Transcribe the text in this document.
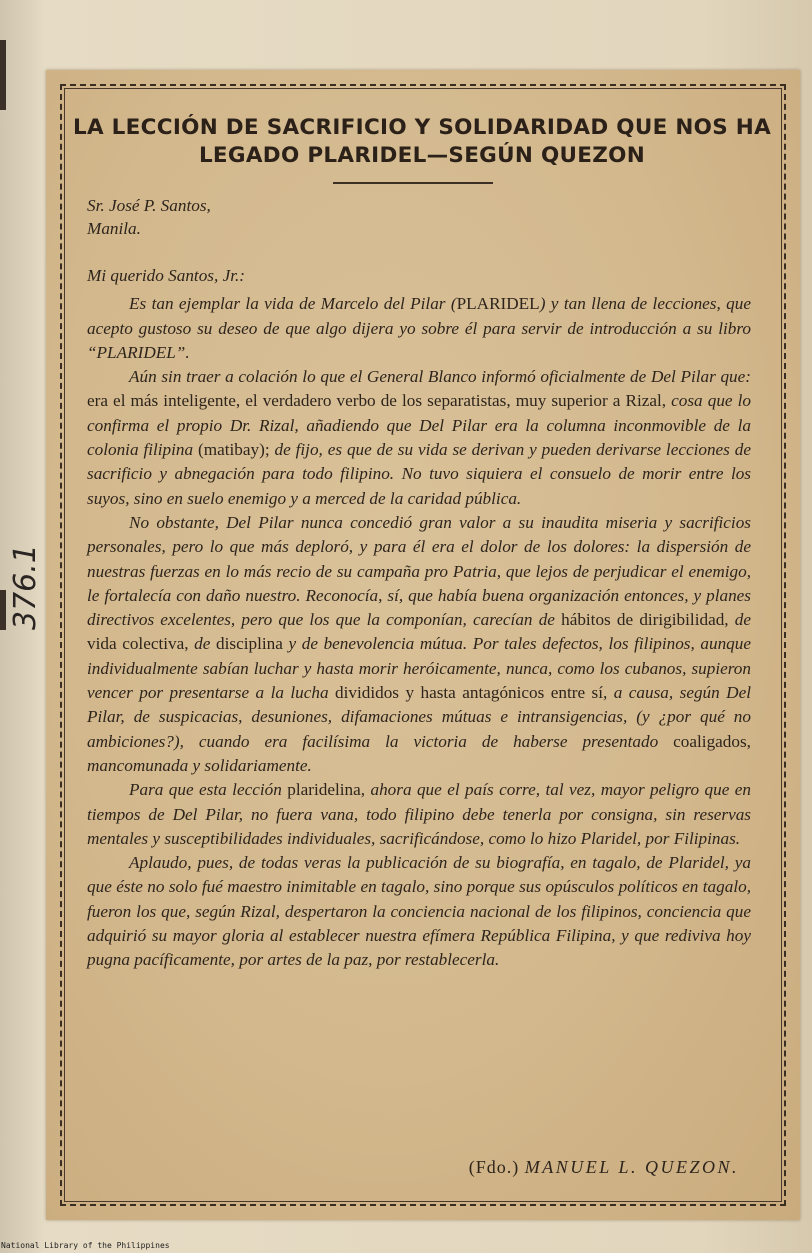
376.1
LA LECCIÓN DE SACRIFICIO Y SOLIDARIDAD QUE NOS HA LEGADO PLARIDEL—SEGÚN QUEZON

Sr. José P. Santos,

Manila.

Mi querido Santos, Jr.:

Es tan ejemplar la vida de Marcelo del Pilar (PLARIDEL) y tan llena de lecciones, que acepto gustoso su deseo de que algo dijera yo sobre él para servir de introducción a su libro “PLARIDEL”.

Aún sin traer a colación lo que el General Blanco informó oficialmente de Del Pilar que: era el más inteligente, el verdadero verbo de los separatistas, muy superior a Rizal, cosa que lo confirma el propio Dr. Rizal, añadiendo que Del Pilar era la columna inconmovible de la colonia filipina (matibay); de fijo, es que de su vida se derivan y pueden derivarse lecciones de sacrificio y abnegación para todo filipino. No tuvo siquiera el consuelo de morir entre los suyos, sino en suelo enemigo y a merced de la caridad pública.

No obstante, Del Pilar nunca concedió gran valor a su inaudita miseria y sacrificios personales, pero lo que más deploró, y para él era el dolor de los dolores: la dispersión de nuestras fuerzas en lo más recio de su campaña pro Patria, que lejos de perjudicar el enemigo, le fortalecía con daño nuestro. Reconocía, sí, que había buena organización entonces, y planes directivos excelentes, pero que los que la componían, carecían de hábitos de dirigibilidad, de vida colectiva, de disciplina y de benevolencia mútua. Por tales defectos, los filipinos, aunque individualmente sabían luchar y hasta morir heróicamente, nunca, como los cubanos, supieron vencer por presentarse a la lucha divididos y hasta antagónicos entre sí, a causa, según Del Pilar, de suspicacias, desuniones, difamaciones mútuas e intransigencias, (y ¿por qué no ambiciones?), cuando era facilísima la victoria de haberse presentado coaligados, mancomunada y solidariamente.

Para que esta lección plaridelina, ahora que el país corre, tal vez, mayor peligro que en tiempos de Del Pilar, no fuera vana, todo filipino debe tenerla por consigna, sin reservas mentales y susceptibilidades individuales, sacrificándose, como lo hizo Plaridel, por Filipinas.

Aplaudo, pues, de todas veras la publicación de su biografía, en tagalo, de Plaridel, ya que éste no solo fué maestro inimitable en tagalo, sino porque sus opúsculos políticos en tagalo, fueron los que, según Rizal, despertaron la conciencia nacional de los filipinos, conciencia que adquirió su mayor gloria al establecer nuestra efímera República Filipina, y que rediviva hoy pugna pacíficamente, por artes de la paz, por restablecerla.

(Fdo.) MANUEL L. QUEZON.
National Library of the Philippines
